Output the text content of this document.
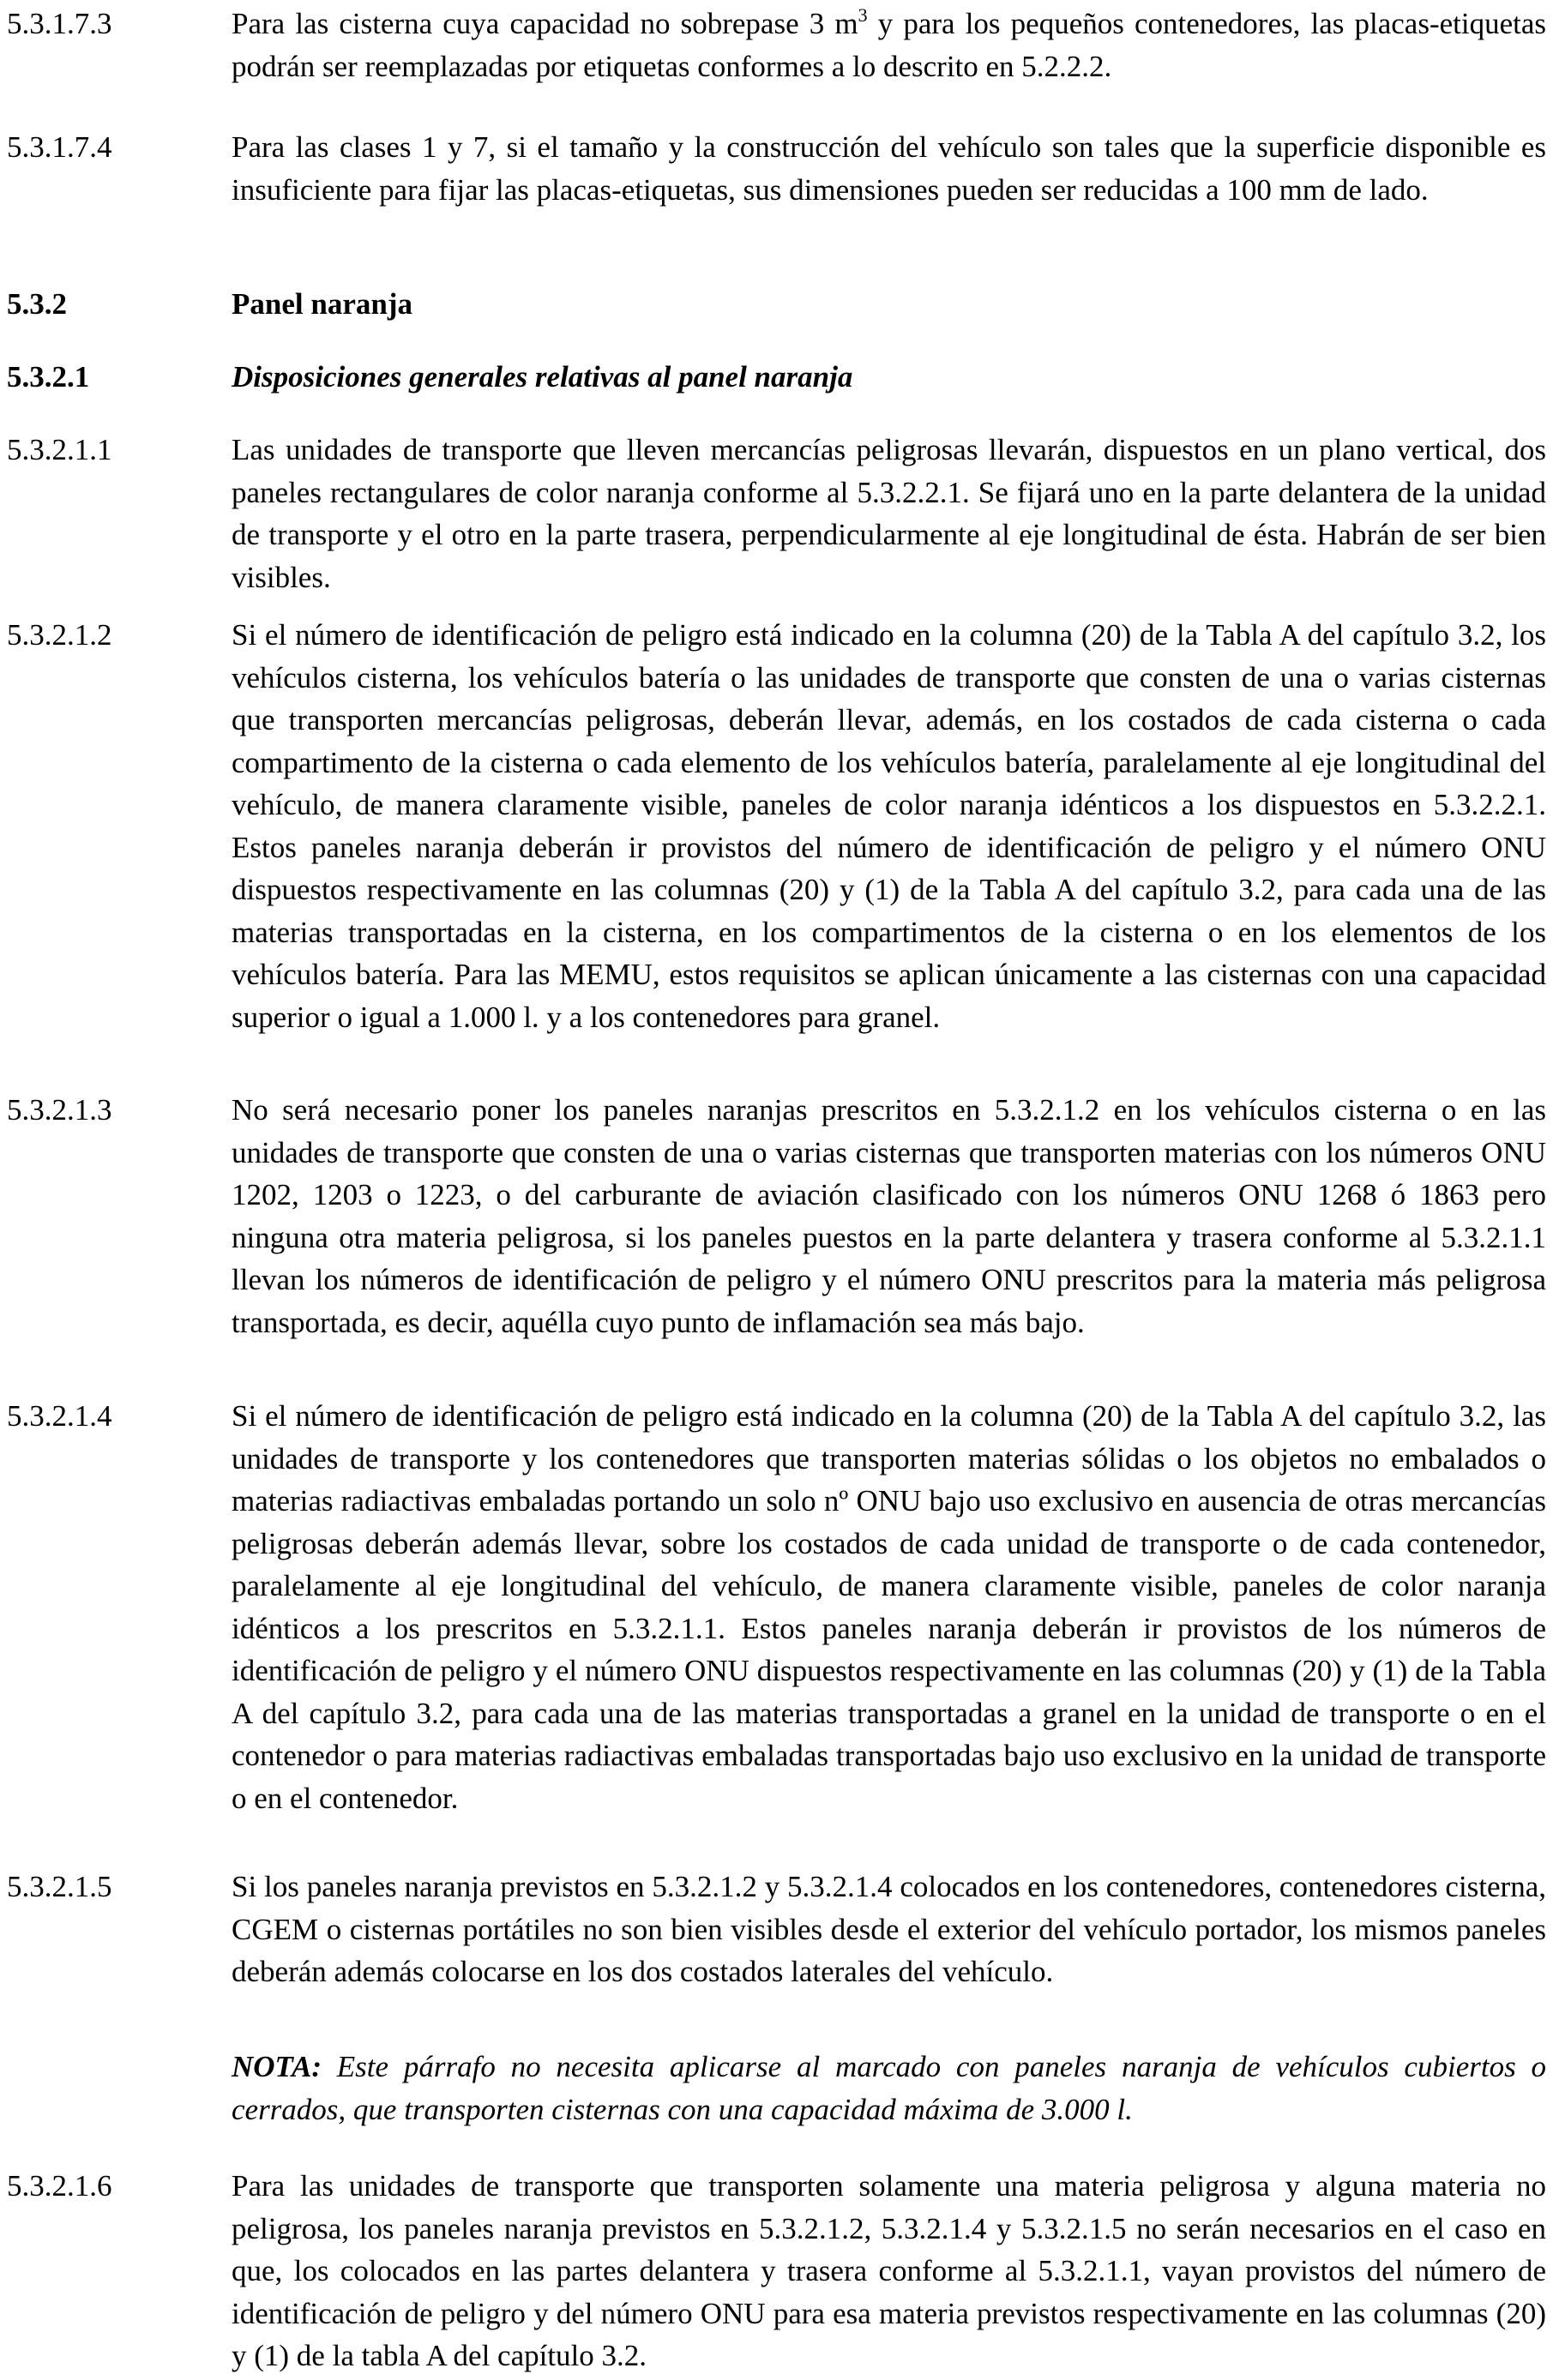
5.3.1.7.3	Para las cisterna cuya capacidad no sobrepase 3 $m^3$ y para los pequeños contenedores, las placas-etiquetas podrán ser reemplazadas por etiquetas conformes a lo descrito en 5.2.2.2.
5.3.1.7.4	Para las clases 1 y 7, si el tamaño y la construcción del vehículo son tales que la superficie disponible es insuficiente para fijar las placas-etiquetas, sus dimensiones pueden ser reducidas a 100 mm de lado.
5.3.2	Panel naranja
5.3.2.1	Disposiciones generales relativas al panel naranja
5.3.2.1.1	Las unidades de transporte que lleven mercancías peligrosas llevarán, dispuestos en un plano vertical, dos paneles rectangulares de color naranja conforme al 5.3.2.2.1. Se fijará uno en la parte delantera de la unidad de transporte y el otro en la parte trasera, perpendicularmente al eje longitudinal de ésta. Habrán de ser bien visibles.
5.3.2.1.2	Si el número de identificación de peligro está indicado en la columna (20) de la Tabla A del capítulo 3.2, los vehículos cisterna, los vehículos batería o las unidades de transporte que consten de una o varias cisternas que transporten mercancías peligrosas, deberán llevar, además, en los costados de cada cisterna o cada compartimento de la cisterna o cada elemento de los vehículos batería, paralelamente al eje longitudinal del vehículo, de manera claramente visible, paneles de color naranja idénticos a los dispuestos en 5.3.2.2.1. Estos paneles naranja deberán ir provistos del número de identificación de peligro y el número ONU dispuestos respectivamente en las columnas (20) y (1) de la Tabla A del capítulo 3.2, para cada una de las materias transportadas en la cisterna, en los compartimentos de la cisterna o en los elementos de los vehículos batería. Para las MEMU, estos requisitos se aplican únicamente a las cisternas con una capacidad superior o igual a 1.000 l. y a los contenedores para granel.
5.3.2.1.3	No será necesario poner los paneles naranjas prescritos en 5.3.2.1.2 en los vehículos cisterna o en las unidades de transporte que consten de una o varias cisternas que transporten materias con los números ONU 1202, 1203 o 1223, o del carburante de aviación clasificado con los números ONU 1268 ó 1863 pero ninguna otra materia peligrosa, si los paneles puestos en la parte delantera y trasera conforme al 5.3.2.1.1 llevan los números de identificación de peligro y el número ONU prescritos para la materia más peligrosa transportada, es decir, aquélla cuyo punto de inflamación sea más bajo.
5.3.2.1.4	Si el número de identificación de peligro está indicado en la columna (20) de la Tabla A del capítulo 3.2, las unidades de transporte y los contenedores que transporten materias sólidas o los objetos no embalados o materias radiactivas embaladas portando un solo nº ONU bajo uso exclusivo en ausencia de otras mercancías peligrosas deberán además llevar, sobre los costados de cada unidad de transporte o de cada contenedor, paralelamente al eje longitudinal del vehículo, de manera claramente visible, paneles de color naranja idénticos a los prescritos en 5.3.2.1.1. Estos paneles naranja deberán ir provistos de los números de identificación de peligro y el número ONU dispuestos respectivamente en las columnas (20) y (1) de la Tabla A del capítulo 3.2, para cada una de las materias transportadas a granel en la unidad de transporte o en el contenedor o para materias radiactivas embaladas transportadas bajo uso exclusivo en la unidad de transporte o en el contenedor.
5.3.2.1.5	Si los paneles naranja previstos en 5.3.2.1.2 y 5.3.2.1.4 colocados en los contenedores, contenedores cisterna, CGEM o cisternas portátiles no son bien visibles desde el exterior del vehículo portador, los mismos paneles deberán además colocarse en los dos costados laterales del vehículo.
NOTA: Este párrafo no necesita aplicarse al marcado con paneles naranja de vehículos cubiertos o cerrados, que transporten cisternas con una capacidad máxima de 3.000 l.
5.3.2.1.6	Para las unidades de transporte que transporten solamente una materia peligrosa y alguna materia no peligrosa, los paneles naranja previstos en 5.3.2.1.2, 5.3.2.1.4 y 5.3.2.1.5 no serán necesarios en el caso en que, los colocados en las partes delantera y trasera conforme al 5.3.2.1.1, vayan provistos del número de identificación de peligro y del número ONU para esa materia previstos respectivamente en las columnas (20) y (1) de la tabla A del capítulo 3.2.
